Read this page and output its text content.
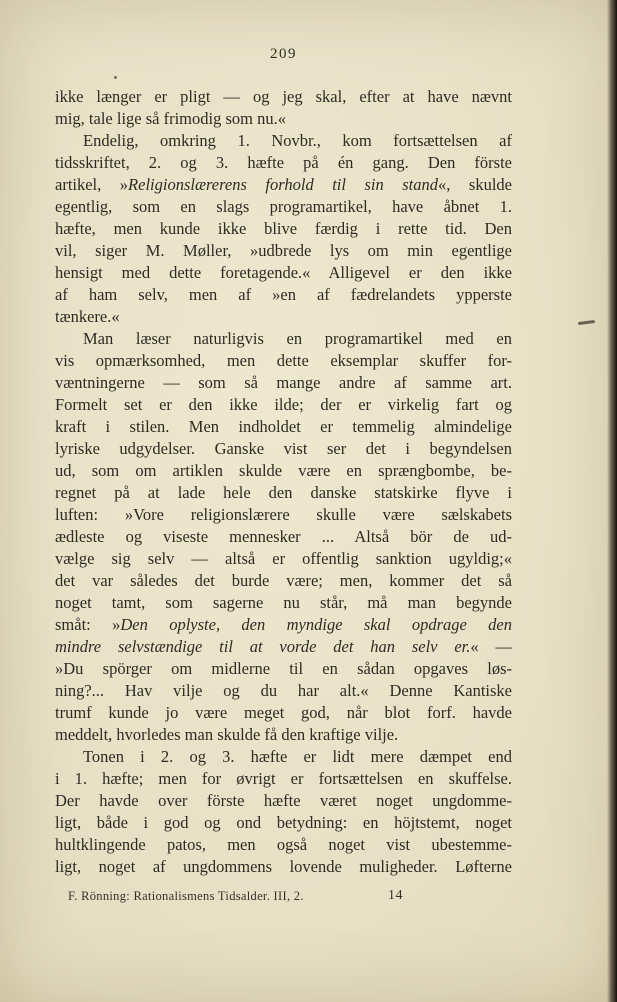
209
ikke længer er pligt — og jeg skal, efter at have nævnt
mig, tale lige så frimodig som nu.«
Endelig, omkring 1. Novbr., kom fortsættelsen af
tidsskriftet, 2. og 3. hæfte på én gang. Den förste
artikel, »Religionslærerens forhold til sin stand«, skulde
egentlig, som en slags programartikel, have åbnet 1.
hæfte, men kunde ikke blive færdig i rette tid. Den
vil, siger M. Møller, »udbrede lys om min egentlige
hensigt med dette foretagende.« Alligevel er den ikke
af ham selv, men af »en af fædrelandets ypperste
tænkere.«
Man læser naturligvis en programartikel med en
vis opmærksomhed, men dette eksemplar skuffer for-
væntningerne — som så mange andre af samme art.
Formelt set er den ikke ilde; der er virkelig fart og
kraft i stilen. Men indholdet er temmelig almindelige
lyriske udgydelser. Ganske vist ser det i begyndelsen
ud, som om artiklen skulde være en sprængbombe, be-
regnet på at lade hele den danske statskirke flyve i
luften: »Vore religionslærere skulle være sælskabets
ædleste og viseste mennesker ... Altså bör de ud-
vælge sig selv — altså er offentlig sanktion ugyldig;«
det var således det burde være; men, kommer det så
noget tamt, som sagerne nu står, må man begynde
småt: »Den oplyste, den myndige skal opdrage den
mindre selvstændige til at vorde det han selv er.« —
»Du spörger om midlerne til en sådan opgaves løs-
ning?... Hav vilje og du har alt.« Denne Kantiske
trumf kunde jo være meget god, når blot forf. havde
meddelt, hvorledes man skulde få den kraftige vilje.
Tonen i 2. og 3. hæfte er lidt mere dæmpet end
i 1. hæfte; men for øvrigt er fortsættelsen en skuffelse.
Der havde over förste hæfte været noget ungdomme-
ligt, både i god og ond betydning: en höjtstemt, noget
hultklingende patos, men også noget vist ubestemme-
ligt, noget af ungdommens lovende muligheder. Løfterne
F. Rönning: Rationalismens Tidsalder. III, 2.	14
